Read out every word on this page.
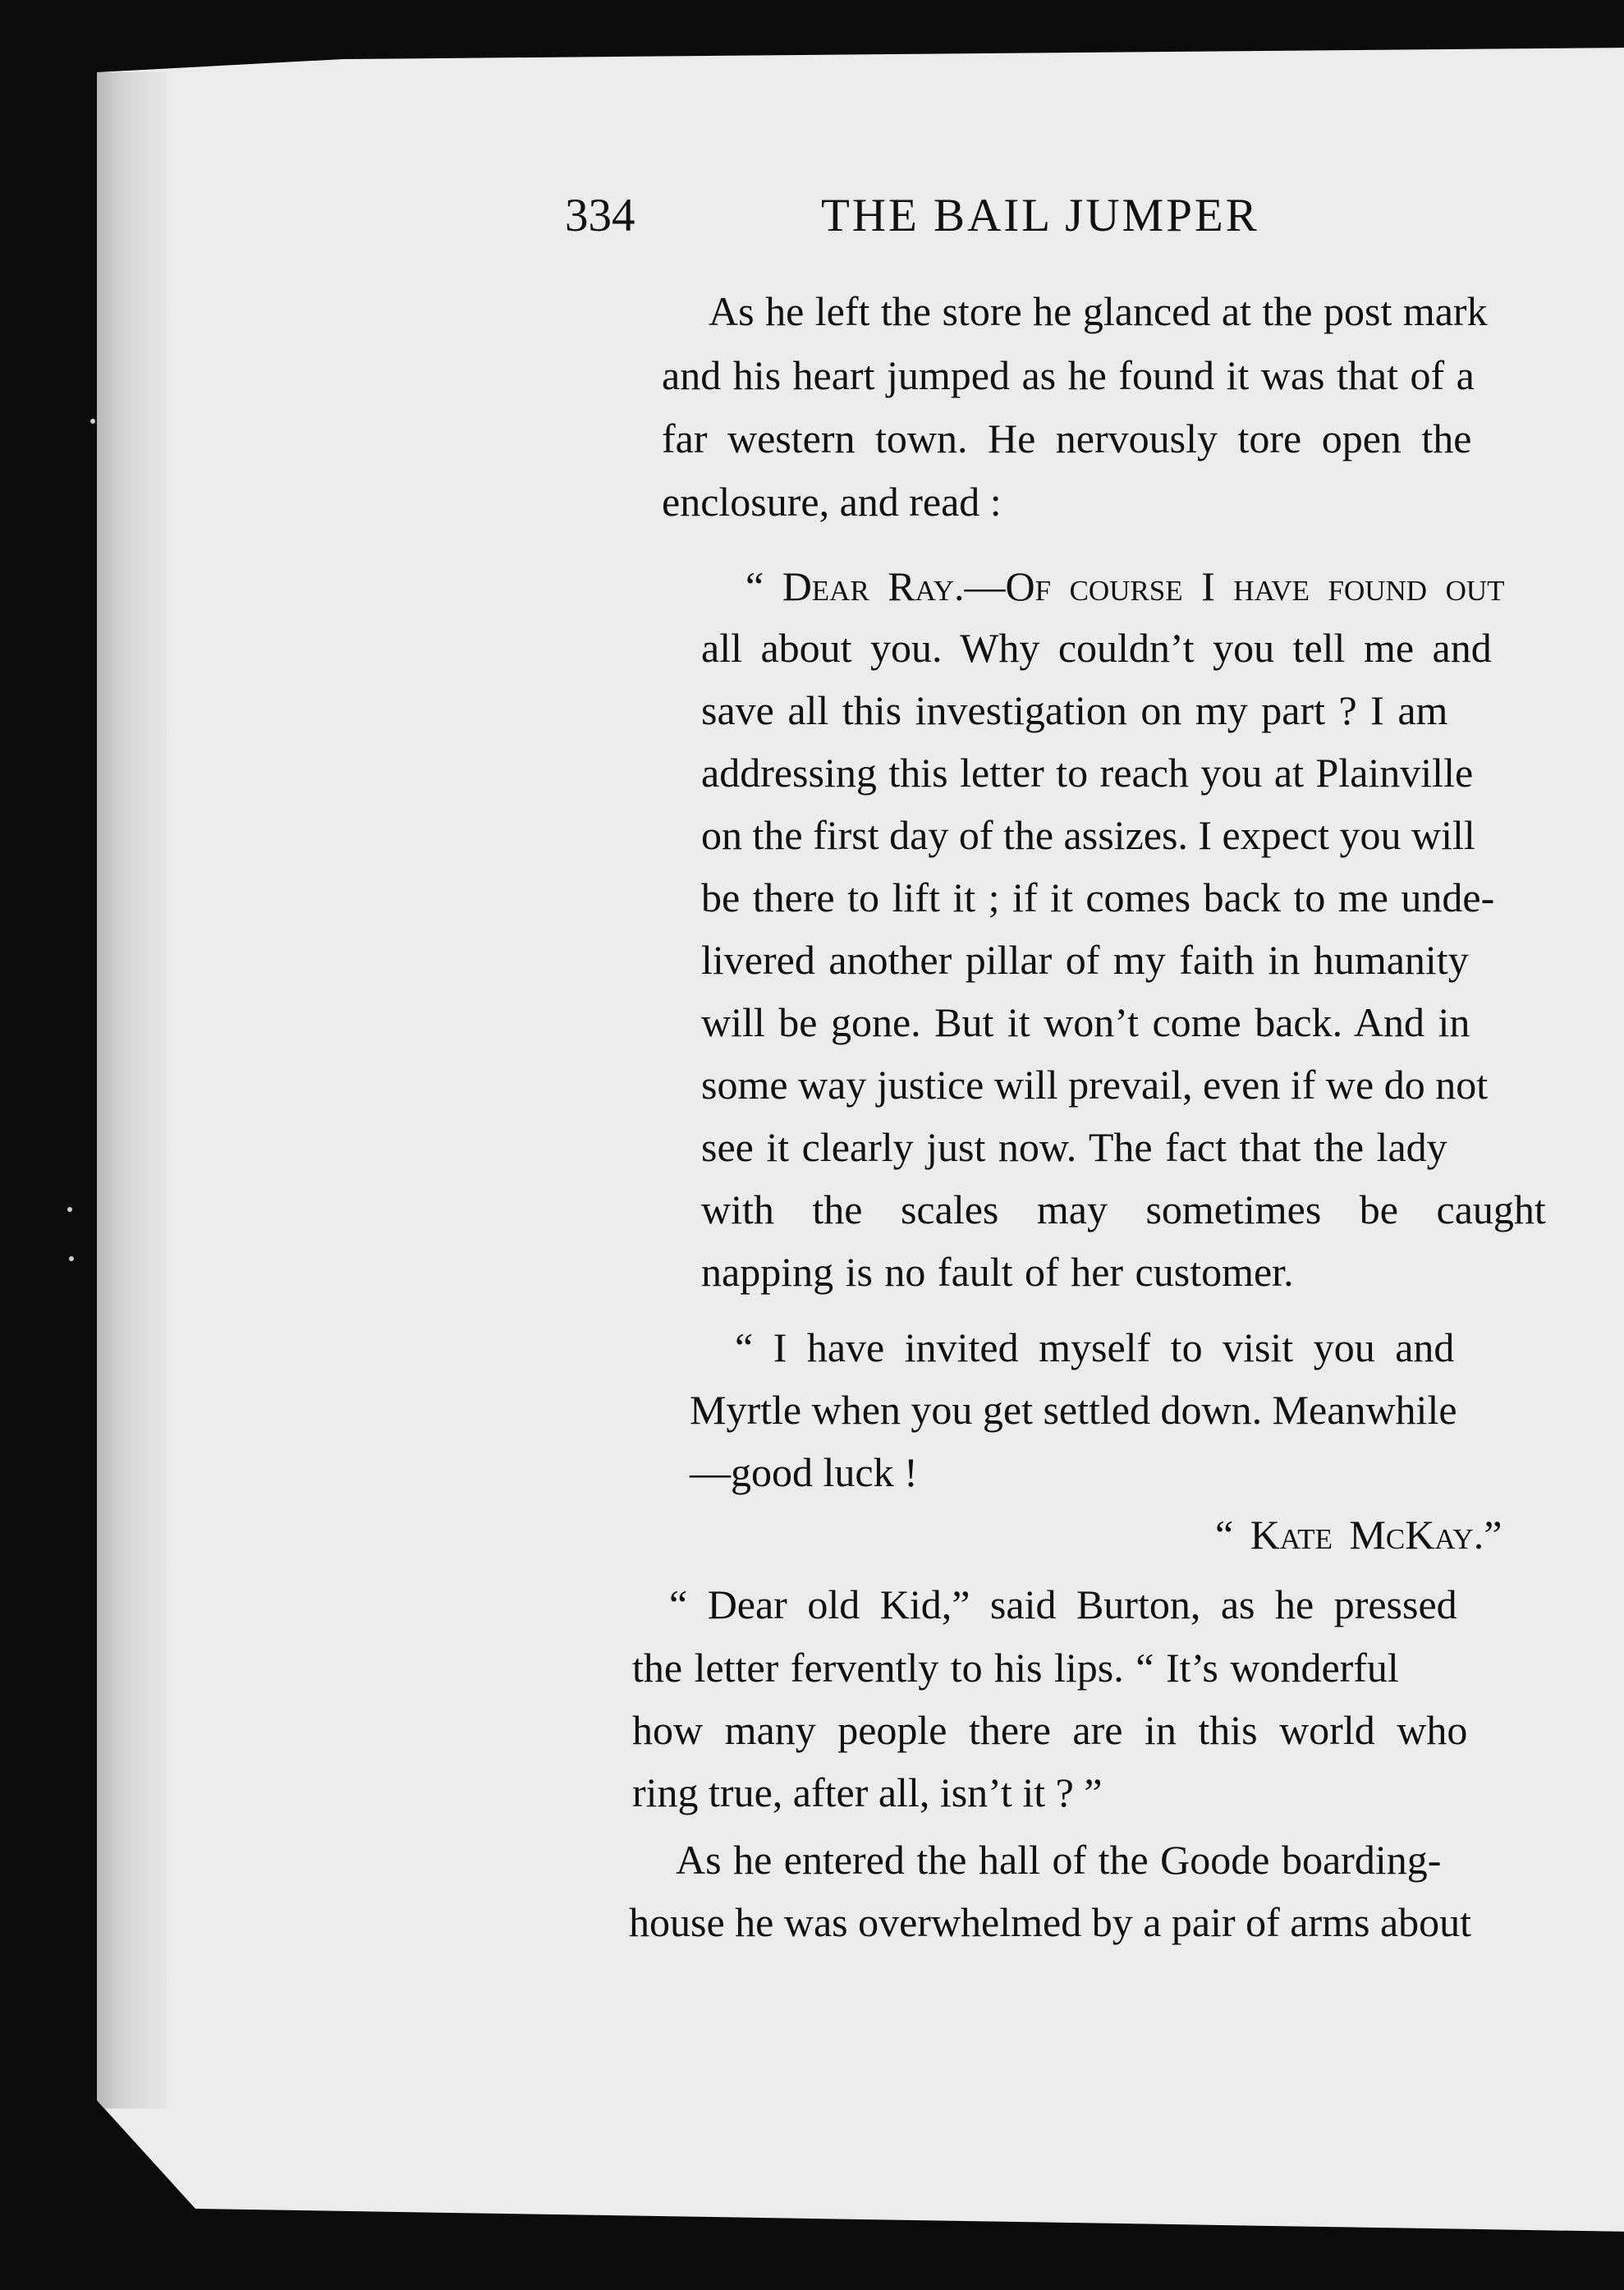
334	THE BAIL JUMPER
As he left the store he glanced at the post mark
and his heart jumped as he found it was that of a
far western town. He nervously tore open the
enclosure, and read :
“ Dear Ray.—Of course I have found out
all about you. Why couldn’t you tell me and
save all this investigation on my part ? I am
addressing this letter to reach you at Plainville
on the first day of the assizes. I expect you will
be there to lift it ; if it comes back to me unde-
livered another pillar of my faith in humanity
will be gone. But it won’t come back. And in
some way justice will prevail, even if we do not
see it clearly just now. The fact that the lady
with the scales may sometimes be caught
napping is no fault of her customer.
“ I have invited myself to visit you and
Myrtle when you get settled down. Meanwhile
—good luck !
“ Kate McKay.”
“ Dear old Kid,” said Burton, as he pressed
the letter fervently to his lips. “ It’s wonderful
how many people there are in this world who
ring true, after all, isn’t it ? ”
As he entered the hall of the Goode boarding-
house he was overwhelmed by a pair of arms about
